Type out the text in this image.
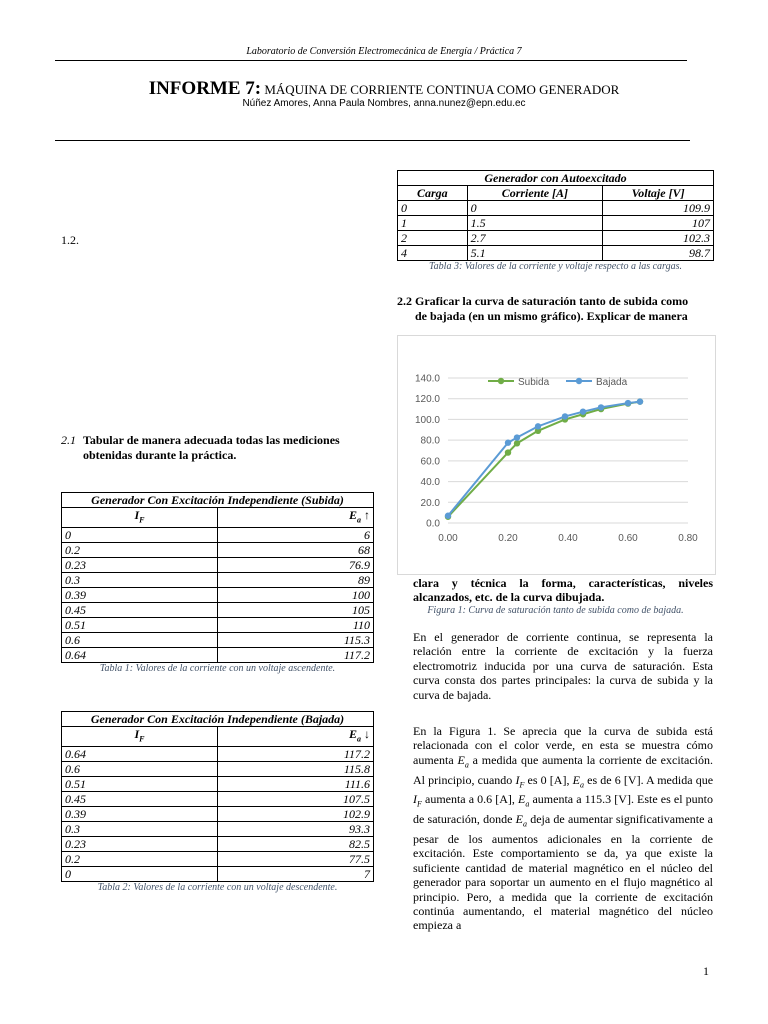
Laboratorio de Conversión Electromecánica de Energía / Práctica 7
INFORME 7: MÁQUINA DE CORRIENTE CONTINUA COMO GENERADOR
Núñez Amores, Anna Paula Nombres, anna.nunez@epn.edu.ec
1.2.
2.1 Tabular de manera adecuada todas las mediciones
obtenidas durante la práctica.
Generador Con Excitación Independiente (Subida)	
$I_F$	$E_a$ ↑
0	6
0.2	68
0.23	76.9
0.3	89
0.39	100
0.45	105
0.51	110
0.6	115.3
0.64	117.2
Tabla 1: Valores de la corriente con un voltaje ascendente.
Generador Con Excitación Independiente (Bajada)	
$I_F$	$E_a$ ↓
0.64	117.2
0.6	115.8
0.51	111.6
0.45	107.5
0.39	102.9
0.3	93.3
0.23	82.5
0.2	77.5
0	7
Tabla 2: Valores de la corriente con un voltaje descendente.
Generador con Autoexcitado		
Carga	Corriente [A]	Voltaje [V]
0	0	109.9
1	1.5	107
2	2.7	102.3
4	5.1	98.7
Tabla 3: Valores de la corriente y voltaje respecto a las cargas.
2.2 Graficar la curva de saturación tanto de subida como
de bajada (en un mismo gráfico). Explicar de manera
0.0
20.0
40.0
60.0
80.0
100.0
120.0
140.0
0.00	0.20	0.40	0.60	0.80
Subida	Bajada
clara y técnica la forma, características, niveles alcanzados, etc. de la curva dibujada.
Figura 1: Curva de saturación tanto de subida como de bajada.
En el generador de corriente continua, se representa la relación entre la corriente de excitación y la fuerza electromotriz inducida por una curva de saturación. Esta curva consta dos partes principales: la curva de subida y la curva de bajada.
En la Figura 1. Se aprecia que la curva de subida está relacionada con el color verde, en esta se muestra cómo aumenta $E_a$ a medida que aumenta la corriente de excitación. Al principio, cuando $I_F$ es 0 [A], $E_a$ es de 6 [V]. A medida que $I_F$ aumenta a 0.6 [A], $E_a$ aumenta a 115.3 [V]. Este es el punto de saturación, donde $E_a$ deja de aumentar significativamente a pesar de los aumentos adicionales en la corriente de excitación. Este comportamiento se da, ya que existe la suficiente cantidad de material magnético en el núcleo del generador para soportar un aumento en el flujo magnético al principio. Pero, a medida que la corriente de excitación continúa aumentando, el material magnético del núcleo empieza a
1
